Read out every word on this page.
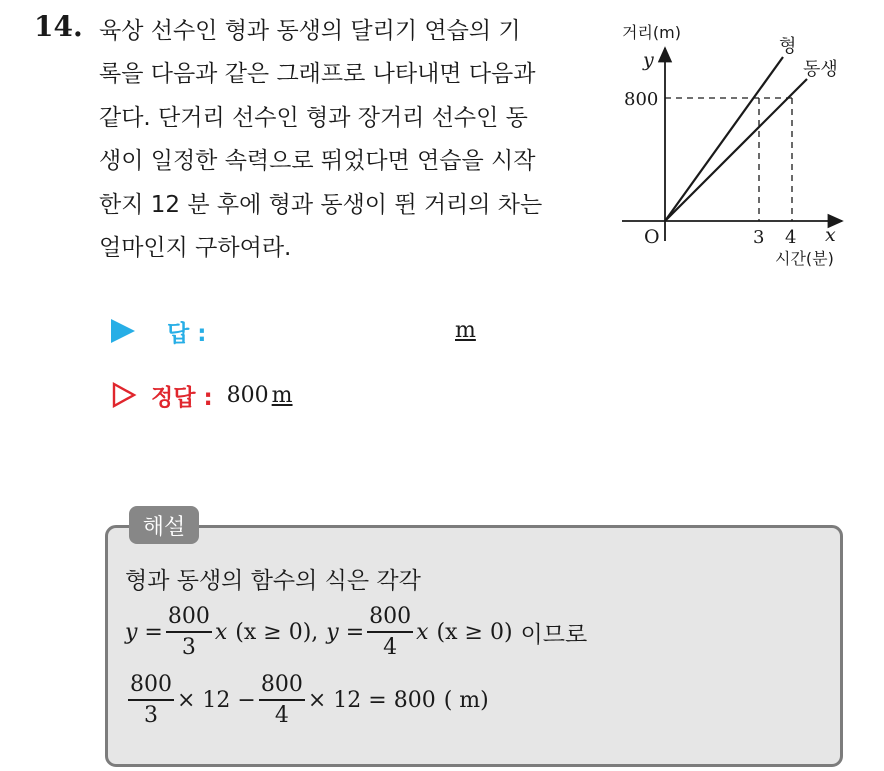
14. 육상 선수인 형과 동생의 달리기 연습의 기
록을 다음과 같은 그래프로 나타내면 다음과
같다. 단거리 선수인 형과 장거리 선수인 동
생이 일정한 속력으로 뛰었다면 연습을 시작
한지 12 분 후에 형과 동생이 뛴 거리의 차는
얼마인지 구하여라.
거리(m)
y
800
O	3 4 x
시간(분)
형
동생
답 :	m
정답 : 800 m
해설
형과 동생의 함수의 식은 각각
$y = \frac{800}{3}$ x (x ≥ 0), $y = \frac{800}{4}$ x (x ≥ 0) 이므로
$\frac{800}{3} \times 12 - \frac{800}{4} \times 12 = 800$ ( m)
